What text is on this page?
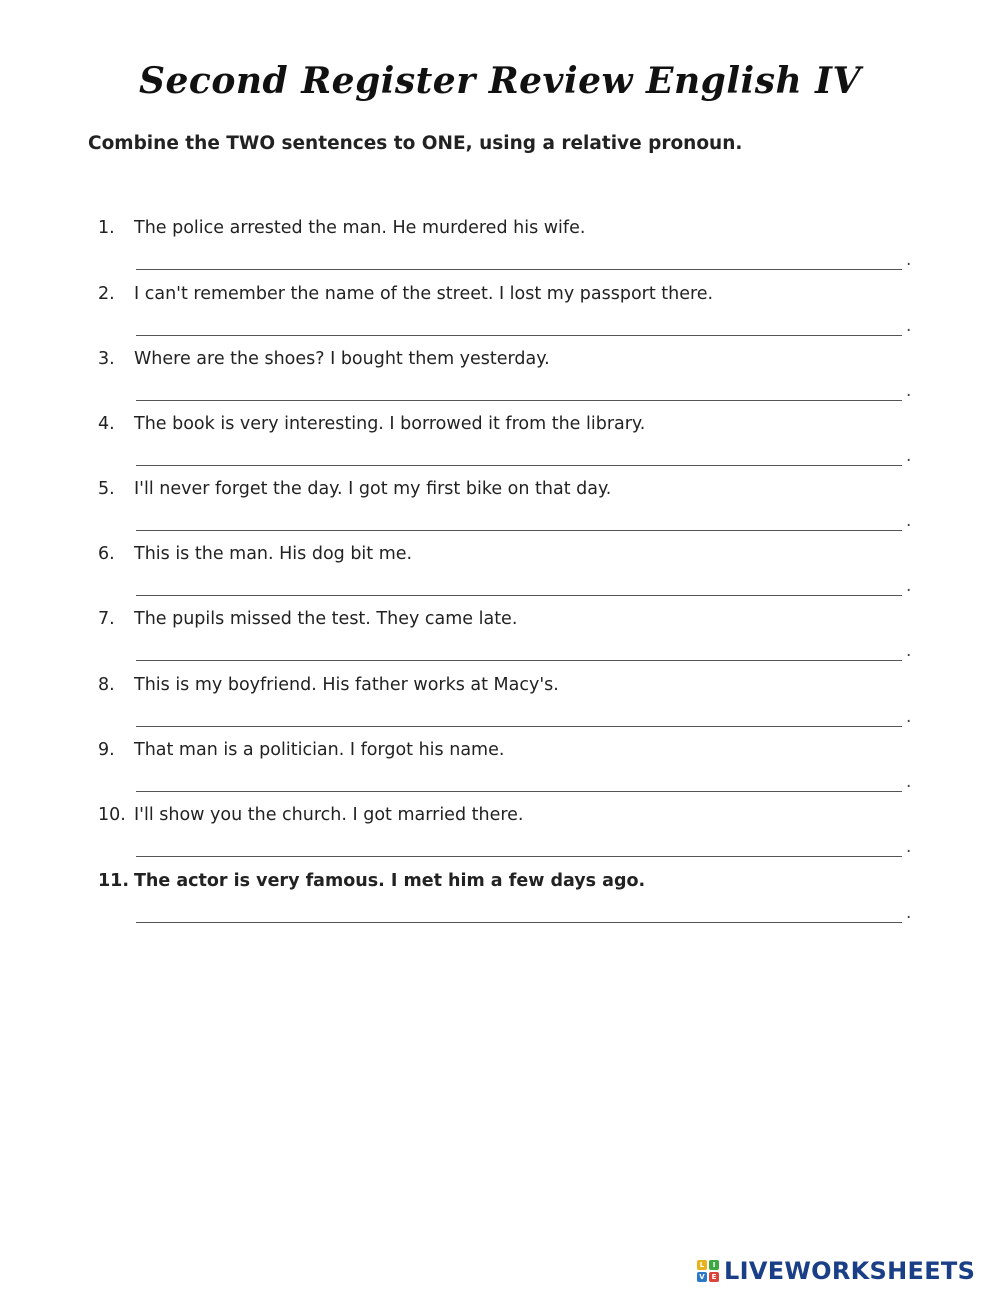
Second Register Review English IV
Combine the TWO sentences to ONE, using a relative pronoun.
1. The police arrested the man. He murdered his wife.
.
2. I can't remember the name of the street. I lost my passport there.
.
3. Where are the shoes? I bought them yesterday.
.
4. The book is very interesting. I borrowed it from the library.
.
5. I'll never forget the day. I got my first bike on that day.
.
6. This is the man. His dog bit me.
.
7. The pupils missed the test. They came late.
.
8. This is my boyfriend. His father works at Macy's.
.
9. That man is a politician. I forgot his name.
.
10. I'll show you the church. I got married there.
.
11. The actor is very famous. I met him a few days ago.
.
L	I
V E LIVEWORKSHEETS
